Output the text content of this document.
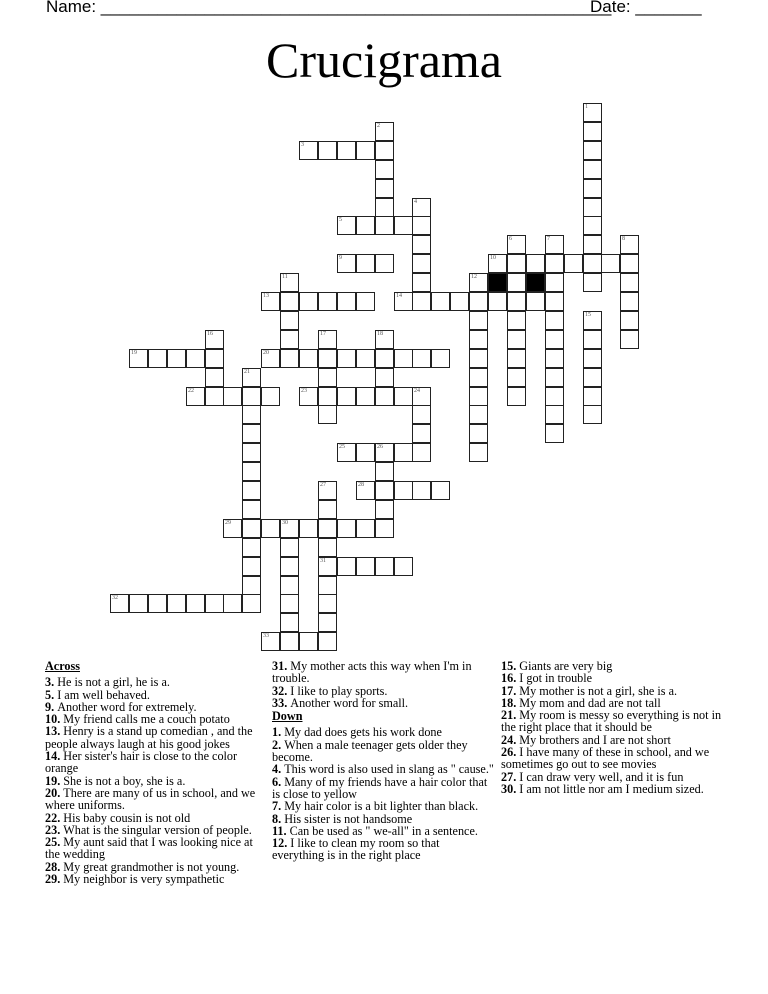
Name: ______________________________________________________
Date: _______
Crucigrama
3
5
9	10
13	14
19	20
22	23	24
25	26
28
29	30
31
32
33
1
2
4
6	7	8
11	12
15
16	17	18
21
27
Across
3. He is not a girl, he is a.
5. I am well behaved.
9. Another word for extremely.
10. My friend calls me a couch potato
13. Henry is a stand up comedian , and the people always laugh at his good jokes
14. Her sister's hair is close to the color orange
19. She is not a boy, she is a.
20. There are many of us in school, and we where uniforms.
22. His baby cousin is not old
23. What is the singular version of people.
25. My aunt said that I was looking nice at the wedding
28. My great grandmother is not young.
29. My neighbor is very sympathetic
31. My mother acts this way when I'm in trouble.
32. I like to play sports.
33. Another word for small.
Down
1. My dad does gets his work done
2. When a male teenager gets older they become.
4. This word is also used in slang as " cause."
6. Many of my friends have a hair color that is close to yellow
7. My hair color is a bit lighter than black.
8. His sister is not handsome
11. Can be used as " we-all" in a sentence.
12. I like to clean my room so that everything is in the right place
15. Giants are very big
16. I got in trouble
17. My mother is not a girl, she is a.
18. My mom and dad are not tall
21. My room is messy so everything is not in the right place that it should be
24. My brothers and I are not short
26. I have many of these in school, and we sometimes go out to see movies
27. I can draw very well, and it is fun
30. I am not little nor am I medium sized.
